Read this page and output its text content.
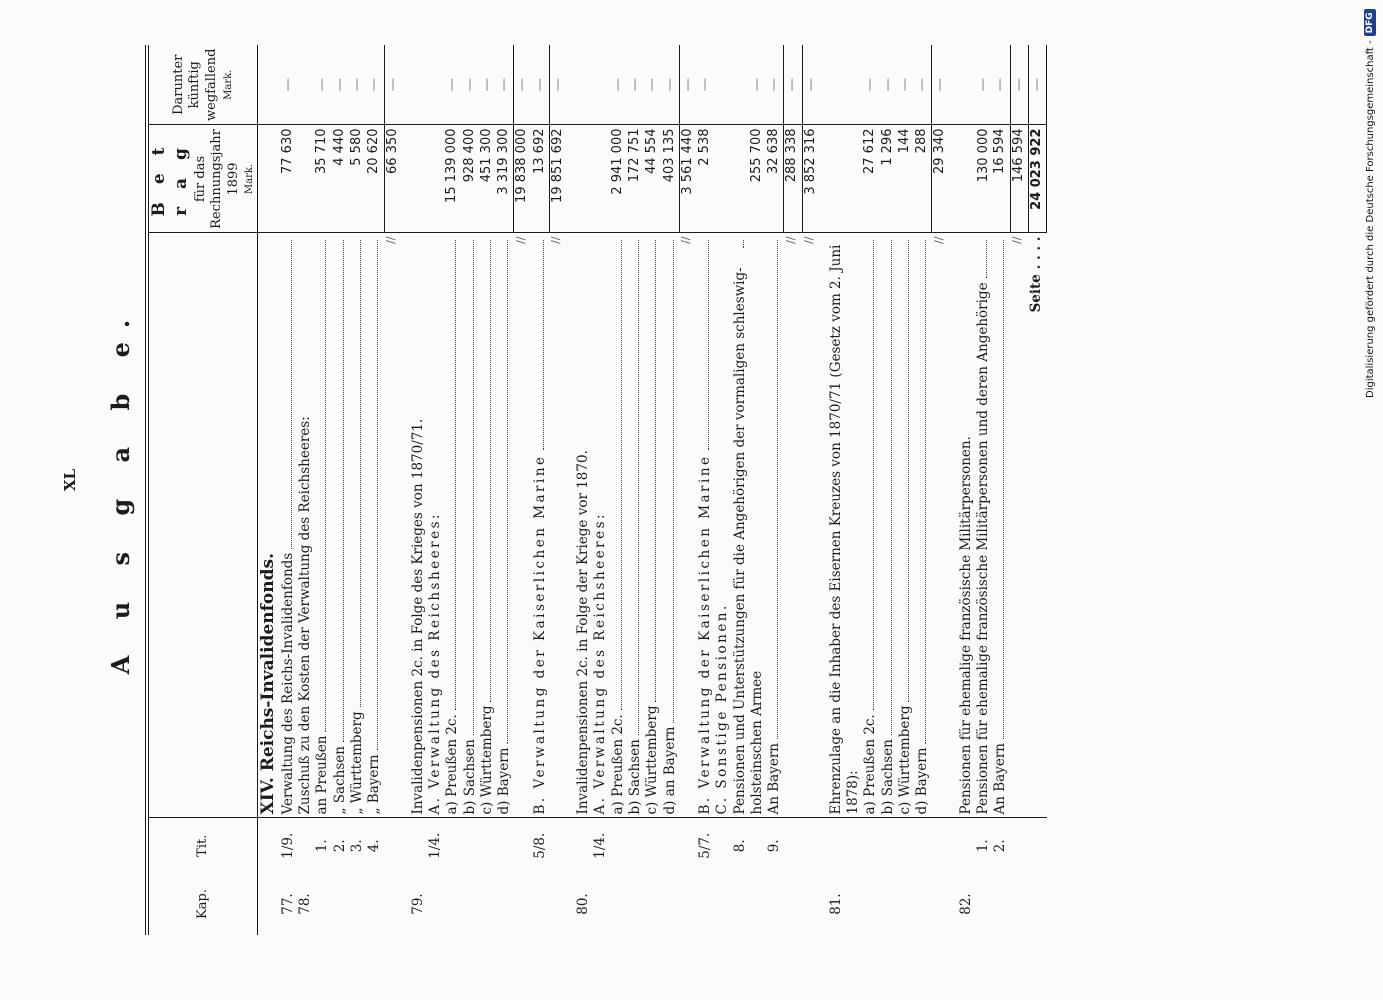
XL
Digitalisierung gefördert durch die Deutsche Forschungsgemeinschaft -
DFG
A u s g a b e.
Kap.	Tit.		B e t r a g für das Rechnungsjahr 1899 Mark.	Darunter künftig wegfallend Mark.

		XIV. Reichs-Invalidenfonds.		
77.	1/9.	Verwaltung des Reichs-Invalidenfonds	77 630	—
78.		Zuschuß zu den Kosten der Verwaltung des Reichsheeres:		
	1.	an Preußen	35 710	—
	2.	„ Sachsen	4 440	—
	3.	„ Württemberg	5 580	—
	4.	„ Bayern	20 620	—
		//	66 350	—

79.		Invalidenpensionen 2c. in Folge des Krieges von 1870/71.		
	1/4.	A. Verwaltung des Reichsheeres:		

		a) Preußen 2c.	15 139 000	—

		b) Sachsen	928 400	—

		c) Württemberg	451 300	—

		d) Bayern	3 319 300	—
		//	19 838 000	—
	5/8.	B. Verwaltung der Kaiserlichen Marine	13 692	—
		//	19 851 692	—

80.		Invalidenpensionen 2c. in Folge der Kriege vor 1870.		
	1/4.	A. Verwaltung des Reichsheeres:		

		a) Preußen 2c.	2 941 000	—

		b) Sachsen	172 751	—

		c) Württemberg	44 554	—

		d) an Bayern	403 135	—
		//	3 561 440	—
	5/7.	B. Verwaltung der Kaiserlichen Marine	2 538	—
		C. Sonstige Pensionen.		
	8.	Pensionen und Unterstützungen für die Angehörigen der vormaligen schleswig-holsteinschen Armee	255 700	—
	9.	An Bayern	32 638	—
		//	288 338	—
		//	3 852 316	—

81.		Ehrenzulage an die Inhaber des Eisernen Kreuzes von 1870/71 (Gesetz vom 2. Juni 1878):		

		a) Preußen 2c.	27 612	—

		b) Sachsen	1 296	—

		c) Württemberg	144	—

		d) Bayern	288	—
		//	29 340	—

82.		Pensionen für ehemalige französische Militärpersonen.		
	1.	Pensionen für ehemalige französische Militärpersonen und deren Angehörige	130 000	—
	2.	An Bayern	16 594	—
		//	146 594	—
		Seite . . . .	24 023 922	—
